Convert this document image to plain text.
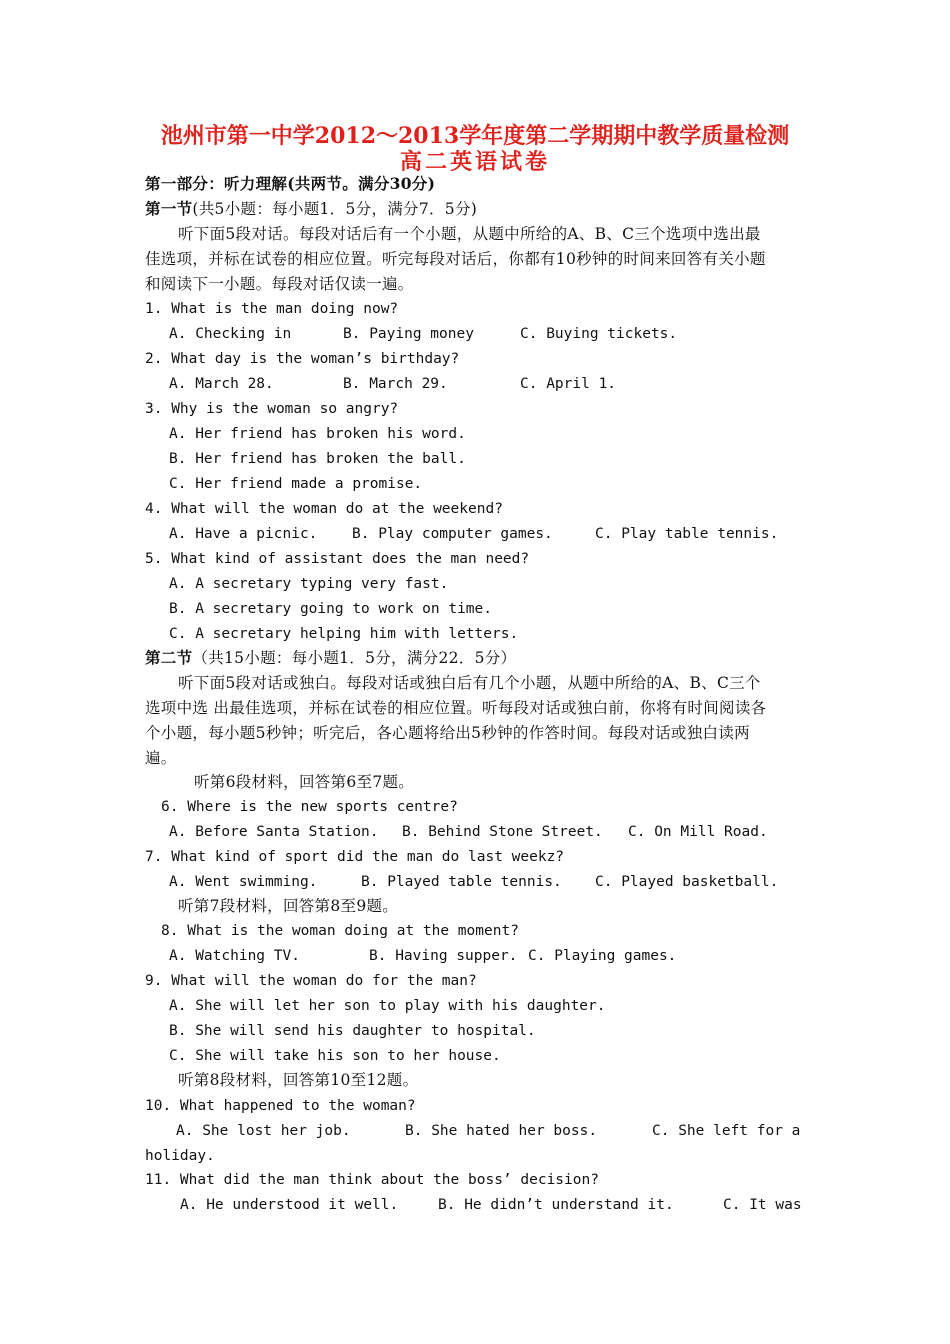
池州市第一中学2012～2013学年度第二学期期中教学质量检测
高二英语试卷
第一部分：听力理解(共两节。满分30分)
第一节(共5小题：每小题1．5分，满分7．5分)
听下面5段对话。每段对话后有一个小题，从题中所给的A、B、C三个选项中选出最
佳选项，并标在试卷的相应位置。听完每段对话后，你都有10秒钟的时间来回答有关小题
和阅读下一小题。每段对话仅读一遍。
1. What is the man doing now?
A. Checking in	B. Paying money	C. Buying tickets.
2. What day is the woman’s birthday?
A. March 28.	B. March 29.	C. April 1.
3. Why is the woman so angry?
A. Her friend has broken his word.
B. Her friend has broken the ball.
C. Her friend made a promise.
4. What will the woman do at the weekend?
A. Have a picnic. B. Play computer games.	C. Play table tennis.
5. What kind of assistant does the man need?
A. A secretary typing very fast.
B. A secretary going to work on time.
C. A secretary helping him with letters.
第二节（共15小题：每小题1．5分，满分22．5分）
听下面5段对话或独白。每段对话或独白后有几个小题，从题中所给的A、B、C三个
选项中选 出最佳选项，并标在试卷的相应位置。听每段对话或独白前，你将有时间阅读各
个小题，每小题5秒钟；听完后，各心题将给出5秒钟的作答时间。每段对话或独白读两
遍。
听第6段材料，回答第6至7题。
6. Where is the new sports centre?
A. Before Santa Station. B. Behind Stone Street. C. On Mill Road.
7. What kind of sport did the man do last weekz?
A. Went swimming.	B. Played table tennis. C. Played basketball.
听第7段材料，回答第8至9题。
8. What is the woman doing at the moment?
A. Watching TV.	B. Having supper. C. Playing games.
9. What will the woman do for the man?
A. She will let her son to play with his daughter.
B. She will send his daughter to hospital.
C. She will take his son to her house.
听第8段材料，回答第10至12题。
10. What happened to the woman?
A. She lost her job.	B. She hated her boss.	C. She left for a
holiday.
11. What did the man think about the boss’ decision?
A. He understood it well.	B. He didn’t understand it.	C. It was
